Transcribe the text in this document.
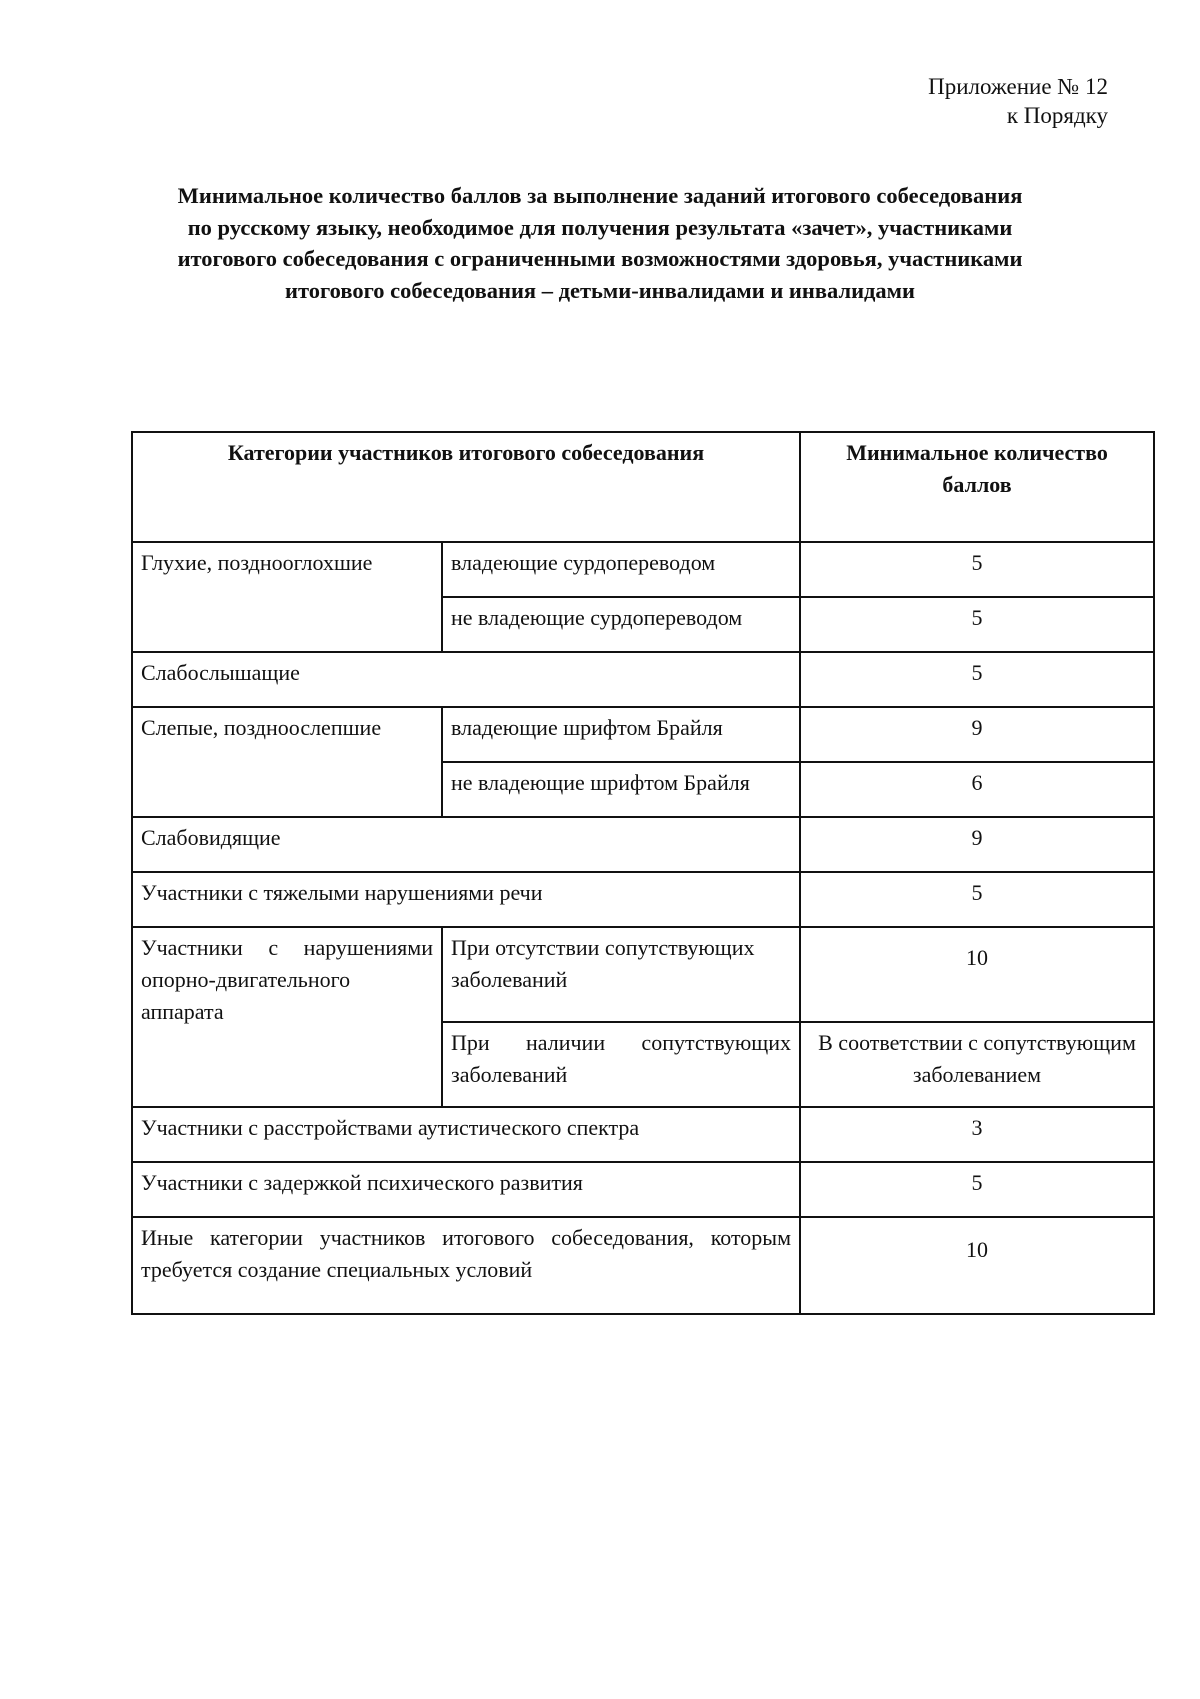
Приложение № 12
к Порядку
Минимальное количество баллов за выполнение заданий итогового собеседования
по русскому языку, необходимое для получения результата «зачет», участниками
итогового собеседования с ограниченными возможностями здоровья, участниками
итогового собеседования – детьми-инвалидами и инвалидами
Категории участников итогового собеседования		Минимальное количество баллов
Глухие, позднооглохшие	владеющие сурдопереводом	5
	не владеющие сурдопереводом	5
Слабослышащие		5
Слепые, поздноослепшие	владеющие шрифтом Брайля	9
	не владеющие шрифтом Брайля	6
Слабовидящие		9
Участники с тяжелыми нарушениями речи		5
Участники с нарушениями опорно-двигательного аппарата	При отсутствии сопутствующих заболеваний	10
	При наличии сопутствующих заболеваний	В соответствии с сопутствующим заболеванием
Участники с расстройствами аутистического спектра		3
Участники с задержкой психического развития		5
Иные категории участников итогового собеседования, которым требуется создание специальных условий		10
